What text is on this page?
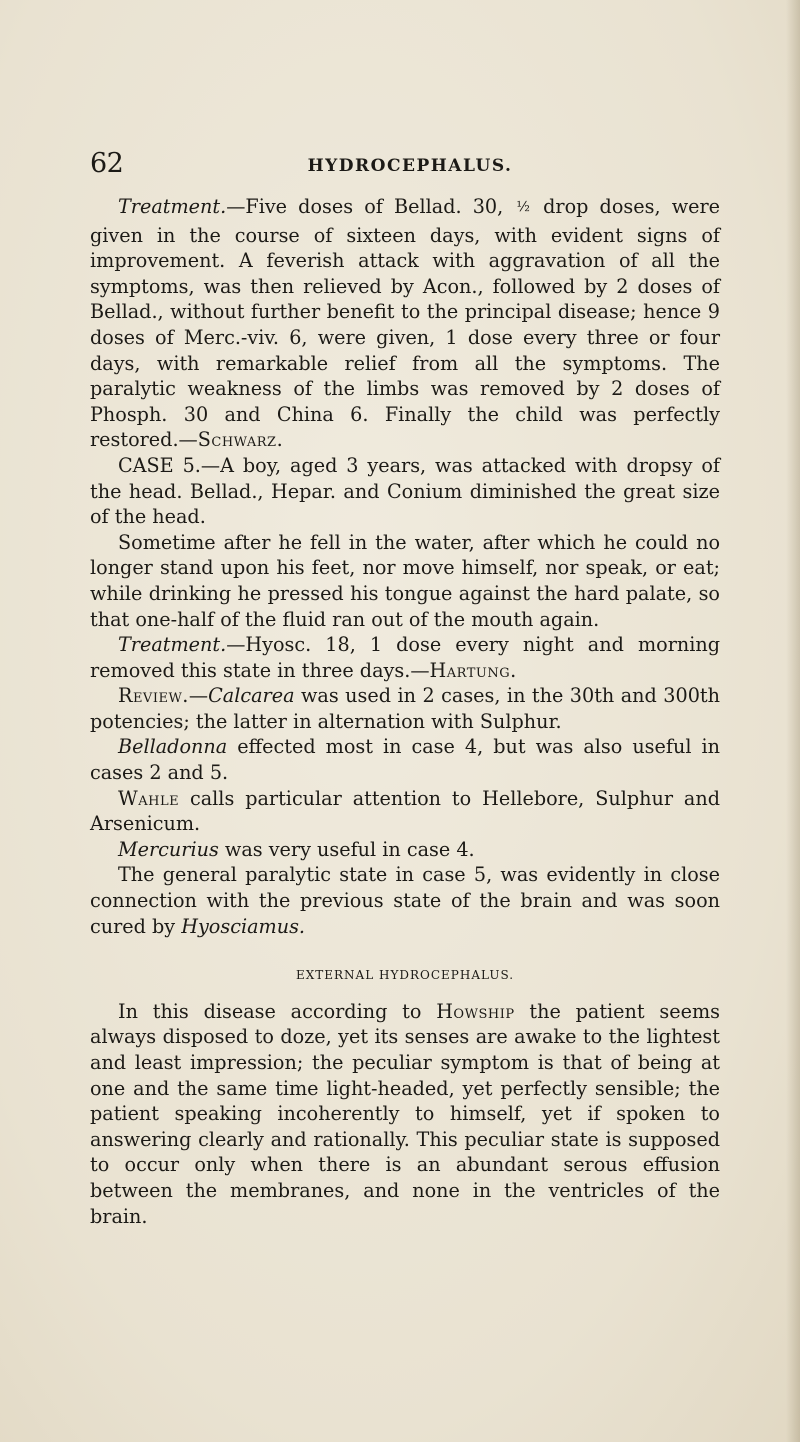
62	HYDROCEPHALUS.

Treatment.—Five doses of Bellad. 30, ½ drop doses, were given in the course of sixteen days, with evident signs of improvement. A feverish attack with aggravation of all the symptoms, was then relieved by Acon., followed by 2 doses of Bellad., without further benefit to the principal disease; hence 9 doses of Merc.-viv. 6, were given, 1 dose every three or four days, with remarkable relief from all the symptoms. The paralytic weakness of the limbs was removed by 2 doses of Phosph. 30 and China 6. Finally the child was perfectly restored.—Schwarz.

CASE 5.—A boy, aged 3 years, was attacked with dropsy of the head. Bellad., Hepar. and Conium diminished the great size of the head.

Sometime after he fell in the water, after which he could no longer stand upon his feet, nor move himself, nor speak, or eat; while drinking he pressed his tongue against the hard palate, so that one-half of the fluid ran out of the mouth again.

Treatment.—Hyosc. 18, 1 dose every night and morning removed this state in three days.—Hartung.

Review.—Calcarea was used in 2 cases, in the 30th and 300th potencies; the latter in alternation with Sulphur.

Belladonna effected most in case 4, but was also useful in cases 2 and 5.

Wahle calls particular attention to Hellebore, Sulphur and Arsenicum.

Mercurius was very useful in case 4.

The general paralytic state in case 5, was evidently in close connection with the previous state of the brain and was soon cured by Hyosciamus.

EXTERNAL HYDROCEPHALUS.

In this disease according to Howship the patient seems always disposed to doze, yet its senses are awake to the lightest and least impression; the peculiar symptom is that of being at one and the same time light-headed, yet perfectly sensible; the patient speaking incoherently to himself, yet if spoken to answering clearly and rationally. This peculiar state is supposed to occur only when there is an abundant serous effusion between the membranes, and none in the ventricles of the brain.
